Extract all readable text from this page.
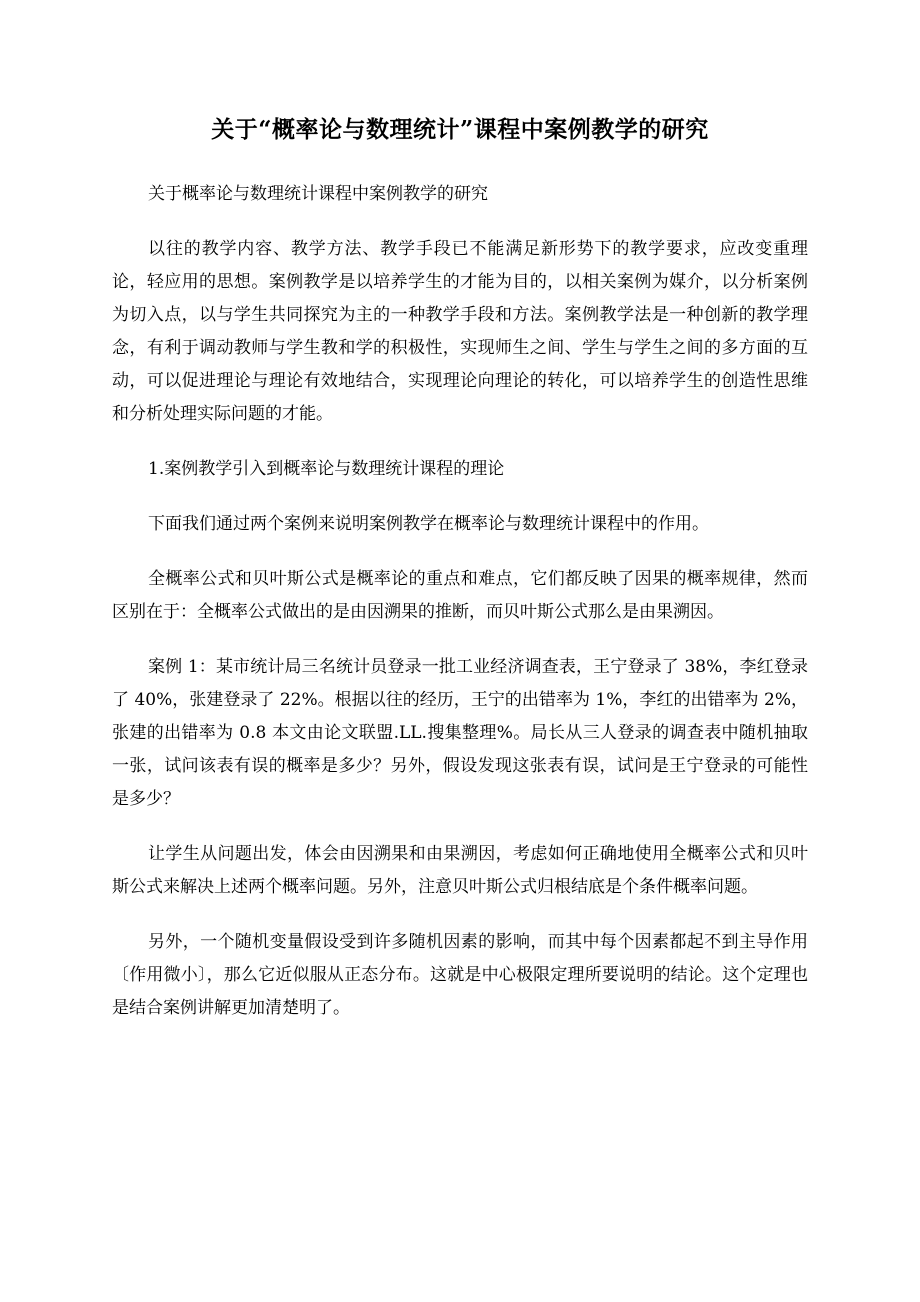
关于“概率论与数理统计”课程中案例教学的研究

关于概率论与数理统计课程中案例教学的研究

以往的教学内容、教学方法、教学手段已不能满足新形势下的教学要求，应改变重理论，轻应用的思想。案例教学是以培养学生的才能为目的，以相关案例为媒介，以分析案例为切入点，以与学生共同探究为主的一种教学手段和方法。案例教学法是一种创新的教学理念，有利于调动教师与学生教和学的积极性，实现师生之间、学生与学生之间的多方面的互动，可以促进理论与理论有效地结合，实现理论向理论的转化，可以培养学生的创造性思维和分析处理实际问题的才能。

1.案例教学引入到概率论与数理统计课程的理论

下面我们通过两个案例来说明案例教学在概率论与数理统计课程中的作用。

全概率公式和贝叶斯公式是概率论的重点和难点，它们都反映了因果的概率规律，然而区别在于：全概率公式做出的是由因溯果的推断，而贝叶斯公式那么是由果溯因。

案例 1：某市统计局三名统计员登录一批工业经济调查表，王宁登录了 38%，李红登录了 40%，张建登录了 22%。根据以往的经历，王宁的出错率为 1%，李红的出错率为 2%，张建的出错率为 0.8 本文由论文联盟.LL.搜集整理%。局长从三人登录的调查表中随机抽取一张，试问该表有误的概率是多少？另外，假设发现这张表有误，试问是王宁登录的可能性是多少？

让学生从问题出发，体会由因溯果和由果溯因，考虑如何正确地使用全概率公式和贝叶斯公式来解决上述两个概率问题。另外，注意贝叶斯公式归根结底是个条件概率问题。

另外，一个随机变量假设受到许多随机因素的影响，而其中每个因素都起不到主导作用〔作用微小〕，那么它近似服从正态分布。这就是中心极限定理所要说明的结论。这个定理也是结合案例讲解更加清楚明了。
